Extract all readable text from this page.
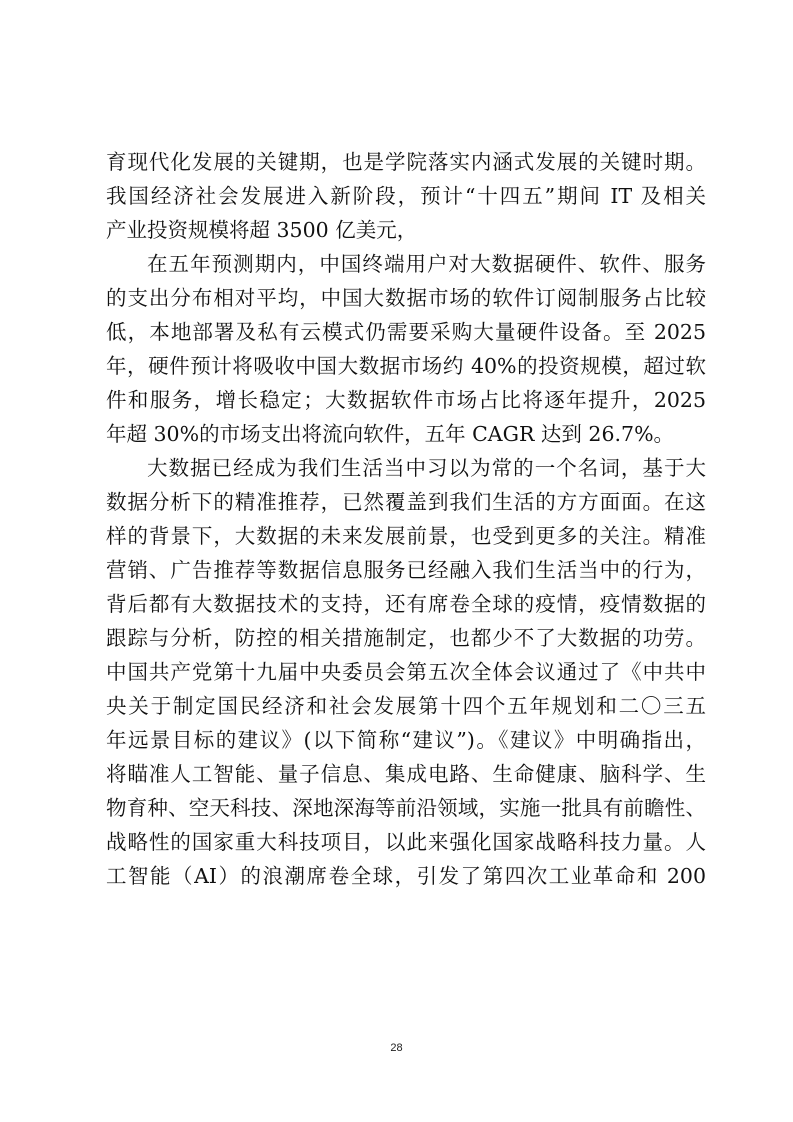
育现代化发展的关键期，也是学院落实内涵式发展的关键时期。
我国经济社会发展进入新阶段，预计“十四五”期间 IT 及相关
产业投资规模将超 3500 亿美元，
在五年预测期内，中国终端用户对大数据硬件、软件、服务
的支出分布相对平均，中国大数据市场的软件订阅制服务占比较
低，本地部署及私有云模式仍需要采购大量硬件设备。至 2025
年，硬件预计将吸收中国大数据市场约 40%的投资规模，超过软
件和服务，增长稳定；大数据软件市场占比将逐年提升，2025
年超 30%的市场支出将流向软件，五年 CAGR 达到 26.7%。
大数据已经成为我们生活当中习以为常的一个名词，基于大
数据分析下的精准推荐，已然覆盖到我们生活的方方面面。在这
样的背景下，大数据的未来发展前景，也受到更多的关注。精准
营销、广告推荐等数据信息服务已经融入我们生活当中的行为，
背后都有大数据技术的支持，还有席卷全球的疫情，疫情数据的
跟踪与分析，防控的相关措施制定，也都少不了大数据的功劳。
中国共产党第十九届中央委员会第五次全体会议通过了《中共中
央关于制定国民经济和社会发展第十四个五年规划和二〇三五
年远景目标的建议》(以下简称“建议”)。《建议》中明确指出，
将瞄准人工智能、量子信息、集成电路、生命健康、脑科学、生
物育种、空天科技、深地深海等前沿领域，实施一批具有前瞻性、
战略性的国家重大科技项目，以此来强化国家战略科技力量。人
工智能（AI）的浪潮席卷全球，引发了第四次工业革命和 200
28
